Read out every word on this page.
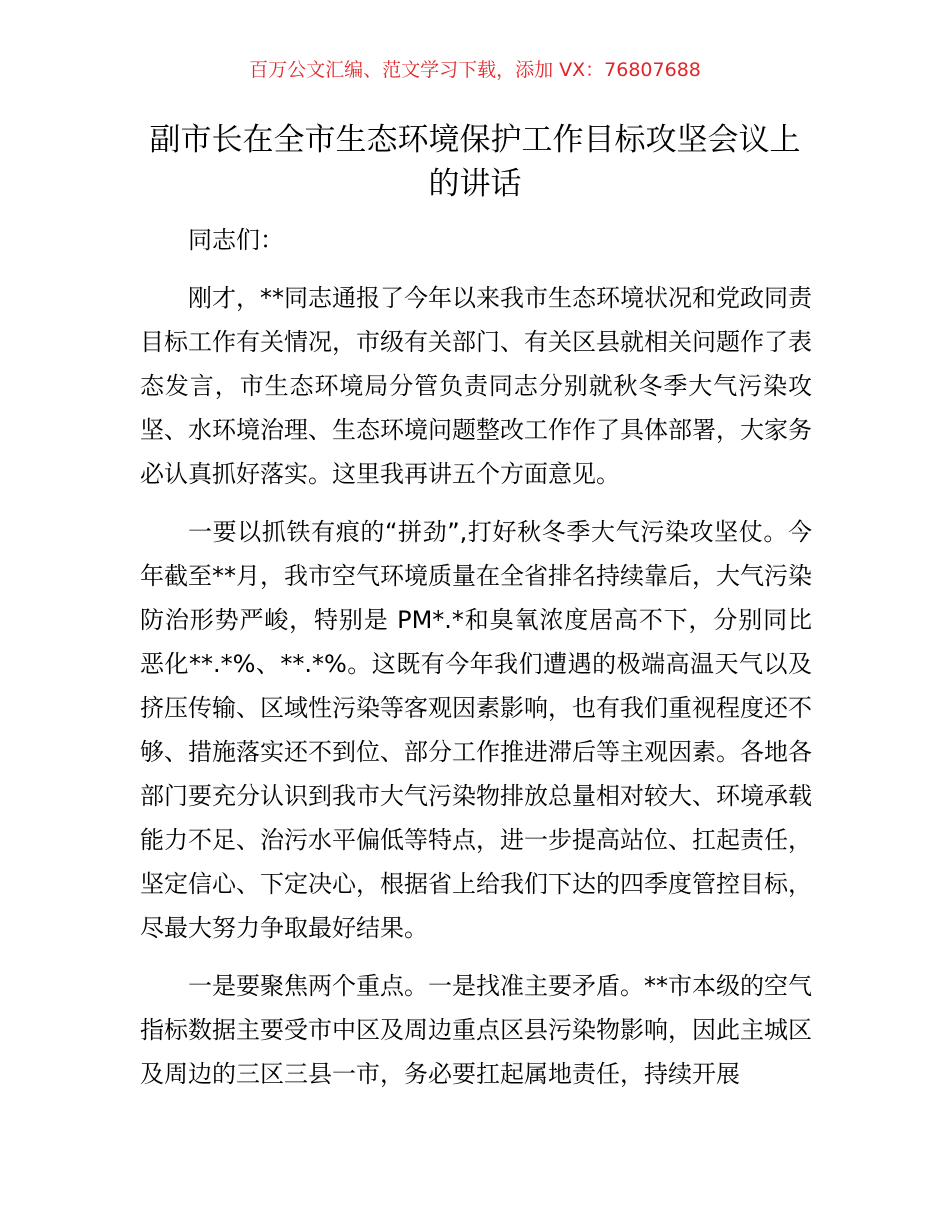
百万公文汇编、范文学习下载，添加 VX：76807688
副市长在全市生态环境保护工作目标攻坚会议上的讲话

同志们：

刚才，**同志通报了今年以来我市生态环境状况和党政同责目标工作有关情况，市级有关部门、有关区县就相关问题作了表态发言，市生态环境局分管负责同志分别就秋冬季大气污染攻坚、水环境治理、生态环境问题整改工作作了具体部署，大家务必认真抓好落实。这里我再讲五个方面意见。

一要以抓铁有痕的“拼劲”,打好秋冬季大气污染攻坚仗。今年截至**月，我市空气环境质量在全省排名持续靠后，大气污染防治形势严峻，特别是 PM*.*和臭氧浓度居高不下，分别同比恶化**.*%、**.*%。这既有今年我们遭遇的极端高温天气以及挤压传输、区域性污染等客观因素影响，也有我们重视程度还不够、措施落实还不到位、部分工作推进滞后等主观因素。各地各部门要充分认识到我市大气污染物排放总量相对较大、环境承载能力不足、治污水平偏低等特点，进一步提高站位、扛起责任，坚定信心、下定决心，根据省上给我们下达的四季度管控目标，尽最大努力争取最好结果。

一是要聚焦两个重点。一是找准主要矛盾。**市本级的空气指标数据主要受市中区及周边重点区县污染物影响，因此主城区及周边的三区三县一市，务必要扛起属地责任，持续开展
